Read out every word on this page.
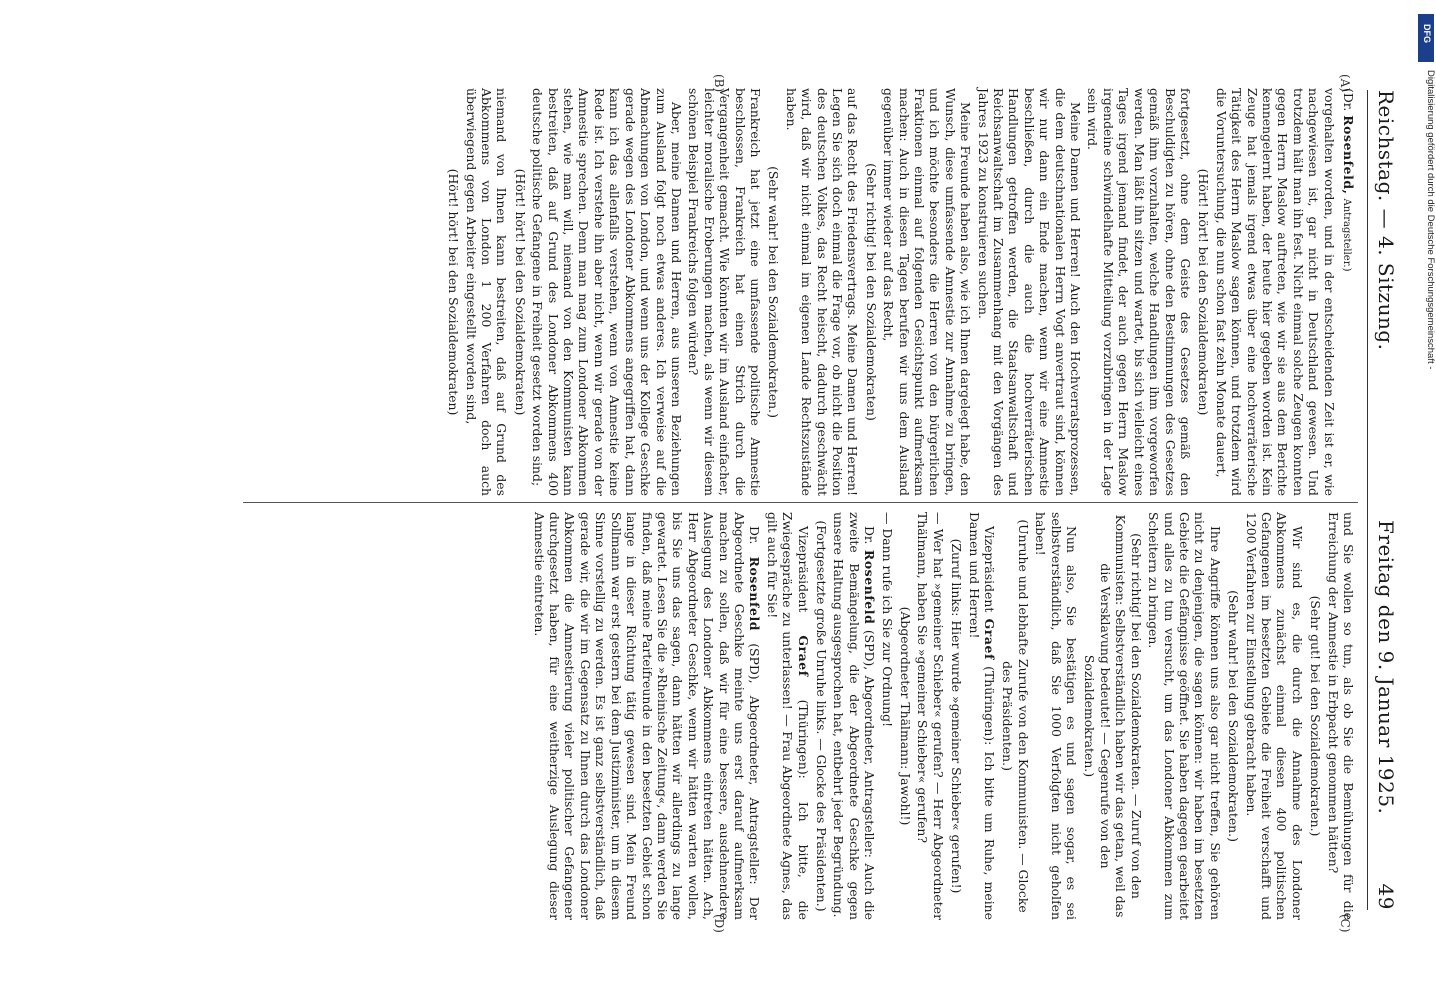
Reichstag. — 4. Sitzung.
Freitag den 9. Januar 1925.
49
(A)
(B)
(C)
(D)

(Dr. Rosenfeld, Antragsteller.)

vorgehalten worden, und in der entscheidenden Zeit ist er, wie nachgewiesen ist, gar nicht in Deutschland gewesen. Und trotzdem hält man ihn fest. Nicht einmal solche Zeugen konnten gegen Herrn Maslow auftreten, wie wir sie aus dem Berichte kennengelernt haben, der heute hier gegeben worden ist. Kein Zeuge hat jemals irgend etwas über eine hochverräterische Tätigkeit des Herrn Maslow sagen können, und trotzdem wird die Voruntersuchung, die nun schon fast zehn Monate dauert,

(Hört! hört! bei den Sozialdemokraten)

fortgesetzt, ohne dem Geiste des Gesetzes gemäß den Beschuldigten zu hören, ohne den Bestimmungen des Gesetzes gemäß ihm vorzuhalten, welche Handlungen ihm vorgeworfen werden. Man läßt ihn sitzen und wartet, bis sich vielleicht eines Tages irgend jemand findet, der auch gegen Herrn Maslow irgendeine schwindelhafte Mitteilung vorzubringen in der Lage sein wird.

Meine Damen und Herren! Auch den Hochverratsprozessen, die dem deutschnationalen Herrn Vogt anvertraut sind, können wir nur dann ein Ende machen, wenn wir eine Amnestie beschließen, durch die auch die hochverräterischen Handlungen getroffen werden, die Staatsanwaltschaft und Reichsanwaltschaft im Zusammenhang mit den Vorgängen des Jahres 1923 zu konstruieren suchen.

Meine Freunde haben also, wie ich Ihnen dargelegt habe, den Wunsch, diese umfassende Amnestie zur Annahme zu bringen, und ich möchte besonders die Herren von den bürgerlichen Fraktionen einmal auf folgenden Gesichtspunkt aufmerksam machen: Auch in diesen Tagen berufen wir uns dem Ausland gegenüber immer wieder auf das Recht,

(Sehr richtig! bei den Sozialdemokraten)

auf das Recht des Friedensvertrags. Meine Damen und Herren! Legen Sie sich doch einmal die Frage vor, ob nicht die Position des deutschen Volkes, das Recht heischt, dadurch geschwächt wird, daß wir nicht einmal im eigenen Lande Rechtszustände haben.

(Sehr wahr! bei den Sozialdemokraten.)

Frankreich hat jetzt eine umfassende politische Amnestie beschlossen, Frankreich hat einen Strich durch die Vergangenheit gemacht. Wie könnten wir im Ausland einfacher, leichter moralische Eroberungen machen, als wenn wir diesem schönen Beispiel Frankreichs folgen würden?

Aber, meine Damen und Herren, aus unseren Beziehungen zum Ausland folgt noch etwas anderes. Ich verweise auf die Abmachungen von London, und wenn uns der Kollege Geschke gerade wegen des Londoner Abkommens angegriffen hat, dann kann ich das allenfalls verstehen, wenn von Amnestie keine Rede ist. Ich verstehe ihn aber nicht, wenn wir gerade von der Amnestie sprechen. Denn man mag zum Londoner Abkommen stehen, wie man will, niemand von den Kommunisten kann bestreiten, daß auf Grund des Londoner Abkommens 400 deutsche politische Gefangene in Freiheit gesetzt worden sind;

(Hört! hört! bei den Sozialdemokraten)

niemand von Ihnen kann bestreiten, daß auf Grund des Abkommens von London 1 200 Verfahren doch auch überwiegend gegen Arbeiter eingestellt worden sind,

(Hört! hört! bei den Sozialdemokraten)

und Sie wollen so tun, als ob Sie die Bemühungen für die Erreichung der Amnestie in Erbpacht genommen hätten?

(Sehr gut! bei den Sozialdemokraten.)

Wir sind es, die durch die Annahme des Londoner Abkommens zunächst einmal diesen 400 politischen Gefangenen im besetzten Gebiete die Freiheit verschafft und 1200 Verfahren zur Einstellung gebracht haben.

(Sehr wahr! bei den Sozialdemokraten.)

Ihre Angriffe können uns also gar nicht treffen, Sie gehören nicht zu denjenigen, die sagen können: wir haben im besetzten Gebiete die Gefängnisse geöffnet. Sie haben dagegen gearbeitet und alles zu tun versucht, um das Londoner Abkommen zum Scheitern zu bringen.

(Sehr richtig! bei den Sozialdemokraten. — Zuruf von den Kommunisten: Selbstverständlich haben wir das getan, weil das die Versklavung bedeutet! — Gegenrufe von den Sozialdemokraten.)

Nun also, Sie bestätigen es und sagen sogar, es sei selbstverständlich, daß Sie 1000 Verfolgten nicht geholfen haben!

(Unruhe und lebhafte Zurufe von den Kommunisten. — Glocke des Präsidenten.)

Vizepräsident Graef (Thüringen): Ich bitte um Ruhe, meine Damen und Herren!

(Zuruf links: Hier wurde »gemeiner Schieber« gerufen!)

— Wer hat »gemeiner Schieber« gerufen? — Herr Abgeordneter Thälmann, haben Sie »gemeiner Schieber« gerufen?

(Abgeordneter Thälmann: Jawohl!)

— Dann rufe ich Sie zur Ordnung!

Dr. Rosenfeld (SPD), Abgeordneter, Antragsteller: Auch die zweite Bemängelung, die der Abgeordnete Geschke gegen unsere Haltung ausgesprochen hat, entbehrt jeder Begründung.

(Fortgesetzte große Unruhe links. — Glocke des Präsidenten.)

Vizepräsident Graef (Thüringen): Ich bitte, die Zwiegespräche zu unterlassen! — Frau Abgeordnete Agnes, das gilt auch für Sie!

Dr. Rosenfeld (SPD), Abgeordneter, Antragsteller: Der Abgeordnete Geschke meinte uns erst darauf aufmerksam machen zu sollen, daß wir für eine bessere, ausdehnendere Auslegung des Londoner Abkommens eintreten hätten. Ach, Herr Abgeordneter Geschke, wenn wir hätten warten wollen, bis Sie uns das sagen, dann hätten wir allerdings zu lange gewartet. Lesen Sie die »Rheinische Zeitung«, dann werden Sie finden, daß meine Parteifreunde in den besetzten Gebiet schon lange in dieser Richtung tätig gewesen sind. Mein Freund Sollmann war erst gestern bei dem Justizminister, um in diesem Sinne vorstellig zu werden. Es ist ganz selbstverständlich, daß gerade wir, die wir im Gegensatz zu Ihnen durch das Londoner Abkommen die Amnestierung vieler politischer Gefangener durchgesetzt haben, für eine weitherzige Auslegung dieser Amnestie eintreten.

DFG
Digitalisierung gefördert durch die Deutsche Forschungsgemeinschaft -
